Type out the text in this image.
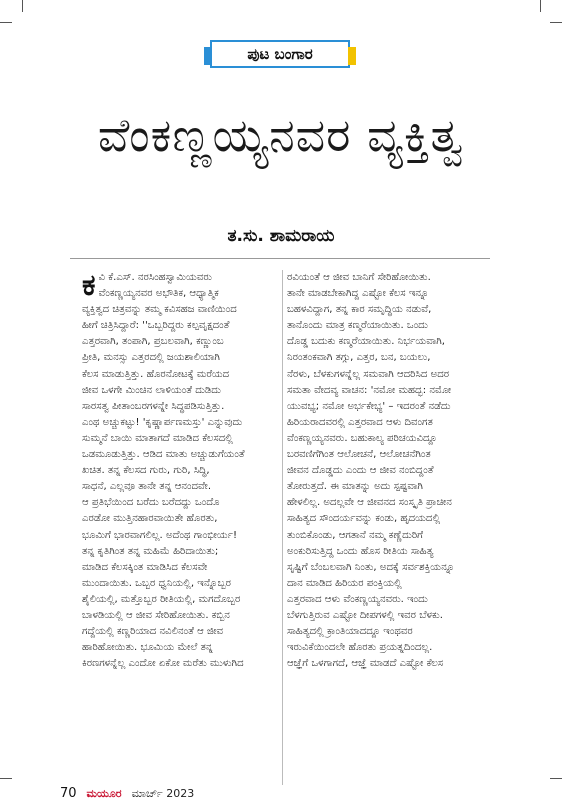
ಪುಟ ಬಂಗಾರ
ವೆಂಕಣ್ಣಯ್ಯನವರ ವ್ಯಕ್ತಿತ್ವ
ತ.ಸು. ಶಾಮರಾಯ
ಕ ವಿ ಕೆ.ಎಸ್. ನರಸಿಂಹಸ್ವಾಮಿಯವರು
ವೆಂಕಣ್ಣಯ್ಯನವರ ಅಭೌತಿಕ, ಆಧ್ಯಾತ್ಮಿಕ
ವ್ಯಕ್ತಿತ್ವದ ಚಿತ್ರವನ್ನು ತಮ್ಮ ಕವಿಸಹಜ ವಾಣಿಯಿಂದ
ಹೀಗೆ ಚಿತ್ರಿಸಿದ್ದಾರೆ: ''ಒಬ್ಬರಿದ್ದರು ಕಲ್ಪವೃಕ್ಷದಂತೆ
ಎತ್ತರವಾಗಿ, ತಂಪಾಗಿ, ಪ್ರಬಲವಾಗಿ, ಕಣ್ಣುಂಬ
ಪ್ರೀತಿ, ಮನಸ್ಸು ಎತ್ತರದಲ್ಲಿ ಜಯಶಾಲಿಯಾಗಿ
ಕೆಲಸ ಮಾಡುತ್ತಿತ್ತು. ಹೊರನೋಟಕ್ಕೆ ಮರೆಯದ
ಜೀವ ಒಳಗೇ ಮಿಂಚಿನ ಲಾಳಿಯಂತೆ ದುಡಿದು
ಸಾರಸತ್ವ ಪೀತಾಂಬರಗಳನ್ನೇ ಸಿದ್ಧಪಡಿಸುತ್ತಿತ್ತು.
ಎಂಥ ಅಚ್ಚುಕಟ್ಟು! 'ಕೃಷ್ಣಾರ್ಪಣಮಸ್ತು' ಎನ್ನುವುದು
ಸುಮ್ಮನೆ ಬಾಯಿ ಮಾತಾಗದೆ ಮಾಡಿದ ಕೆಲಸದಲ್ಲಿ
ಒಡಮೂಡುತ್ತಿತ್ತು. ಆಡಿದ ಮಾತು ಅಚ್ಚುಡುಗೆಯಂತೆ
ಖಚಿತ. ತನ್ನ ಕೆಲಸದ ಗುರು, ಗುರಿ, ಸಿದ್ಧಿ,
ಸಾಧನೆ, ಎಲ್ಲವೂ ತಾನೇ ತನ್ನ ಆನಂದವೇ.
ಆ ಪ್ರತಿಭೆಯಿಂದ ಬರೆದು ಬರೆದದ್ದು ಒಂದೊ
ಎರಡೋ ಮುತ್ತಿನಹಾರವಾಯಿತೇ ಹೊರತು,
ಭೂಮಿಗೆ ಭಾರವಾಗಲಿಲ್ಲ. ಅದೆಂಥ ಗಾಂಭೀರ್ಯ!
ತನ್ನ ಕೃತಿಗಿಂತ ತನ್ನ ಮಹಿಮೆ ಹಿರಿದಾಯಿತು;
ಮಾಡಿದ ಕೆಲಸಕ್ಕಿಂತ ಮಾಡಿಸಿದ ಕೆಲಸವೇ
ಮುಂದಾಯಿತು. ಒಬ್ಬರ ಧ್ವನಿಯಲ್ಲಿ, ಇನ್ನೊಬ್ಬರ
ಶೈಲಿಯಲ್ಲಿ, ಮತ್ತೊಬ್ಬರ ರೀತಿಯಲ್ಲಿ, ಮಗದೊಬ್ಬರ
ಬಾಳಡಿಯಲ್ಲಿ ಆ ಜೀವ ಸೇರಿಹೋಯಿತು. ಕಬ್ಬಿನ
ಗದ್ದೆಯಲ್ಲಿ ಕಣ್ಣರಿಯಾದ ನವಿಲಿನಂತೆ ಆ ಜೀವ
ಹಾರಿಹೋಯಿತು. ಭೂಮಿಯ ಮೇಲೆ ತನ್ನ
ಕಿರಣಗಳನ್ನೆಲ್ಲ ಎಂದೋ ಏಕೋ ಮರೆತು ಮುಳುಗಿದ
ರವಿಯಂತೆ ಆ ಜೀವ ಬಾನಿಗೆ ಸೇರಿಹೋಯಿತು.
ತಾನೇ ಮಾಡಬೇಕಾಗಿದ್ದ ಎಷ್ಟೋ ಕೆಲಸ ಇನ್ನೂ
ಬಹಳವಿದ್ದಾಗ, ತನ್ನ ಕಾರ ಸಮೃದ್ಧಿಯ ನಡುವೆ,
ತಾನೊಂದು ಮಾತ್ರ ಕಣ್ಮರೆಯಾಯಿತು. ಒಂದು
ದೊಡ್ಡ ಬದುಕು ಕಣ್ಮರೆಯಾಯಿತು. ನಿರ್ಭಯವಾಗಿ,
ನಿರಂತಂಕವಾಗಿ ತಗ್ಗು, ಎತ್ತರ, ಬನ, ಬಯಲು,
ನೆರಳು, ಬೆಳಕುಗಳನ್ನೆಲ್ಲ ಸಮವಾಗಿ ಆದರಿಸಿದ ಅದರ
ಸಮತಾ ವೇದವ್ಯ ವಾಚನ: 'ನಮೋ ಮಹದ್ಭ: ನಮೋ
ಯುವಭ್ಯ; ನಮೋ ಅರ್ಭಕೇಭ್ಯ' – ಇದರಂತೆ ನಡೆದು
ಹಿರಿಯರಾದವರಲ್ಲಿ ಎತ್ತರವಾದ ಆಳು ದಿವಂಗತ
ವೆಂಕಣ್ಣಯ್ಯನವರು. ಬಹುಕಾಲ್ಯ ಪರಿಚಯವಿದ್ದೂ
ಬರವಣಿಗೆಗಿಂತ ಆಲೋಚನೆ, ಆಲೋಚನೆಗಿಂತ
ಜೀವನ ದೊಡ್ಡದು ಎಂದು ಆ ಜೀವ ನಂಬಿದ್ದಂತೆ
ತೋರುತ್ತದೆ. ಈ ಮಾತನ್ನು ಅದು ಸ್ಪಷ್ಟವಾಗಿ
ಹೇಳಲಿಲ್ಲ. ಅದಲ್ಲವೇ ಆ ಜೀವನದ ಸಂಸ್ಕೃತಿ ಪ್ರಾಚೀನ
ಸಾಹಿತ್ಯದ ಸೌಂದರ್ಯವನ್ನು ಕಂಡು, ಹೃದಯದಲ್ಲಿ
ತುಂಬಿಕೊಂಡು, ಆಗತಾನೆ ನಮ್ಮ ಕಣ್ಣೆದುರಿಗೆ
ಅಂಕುರಿಸುತ್ತಿದ್ದ ಒಂದು ಹೊಸ ರೀತಿಯ ಸಾಹಿತ್ಯ
ಸೃಷ್ಟಿಗೆ ಬೆಂಬಲವಾಗಿ ನಿಂತು, ಅದಕ್ಕೆ ಸರ್ವಶಕ್ತಿಯನ್ನೂ
ದಾನ ಮಾಡಿದ ಹಿರಿಯರ ಪಂಕ್ತಿಯಲ್ಲಿ
ಎತ್ತರವಾದ ಆಳು ವೆಂಕಣ್ಣಯ್ಯನವರು. ಇಂದು
ಬೆಳಗುತ್ತಿರುವ ಎಷ್ಟೋ ದೀಪಗಳಲ್ಲಿ ಇವರ ಬೆಳಕು.
ಸಾಹಿತ್ಯದಲ್ಲಿ ಕ್ರಾಂತಿಯಾದದ್ದೂ ಇಂಥವರ
ಇರುವಿಕೆಯಿಂದಲೇ ಹೊರತು ಪ್ರಯತ್ನದಿಂದಲ್ಲ.
ಆಜ್ಞೆಗೆ ಒಳಗಾಗದೆ, ಆಜ್ಞೆ ಮಾಡದೆ ಎಷ್ಟೋ ಕೆಲಸ
70 ಮಯೂರ ಮಾರ್ಚ್ 2023
